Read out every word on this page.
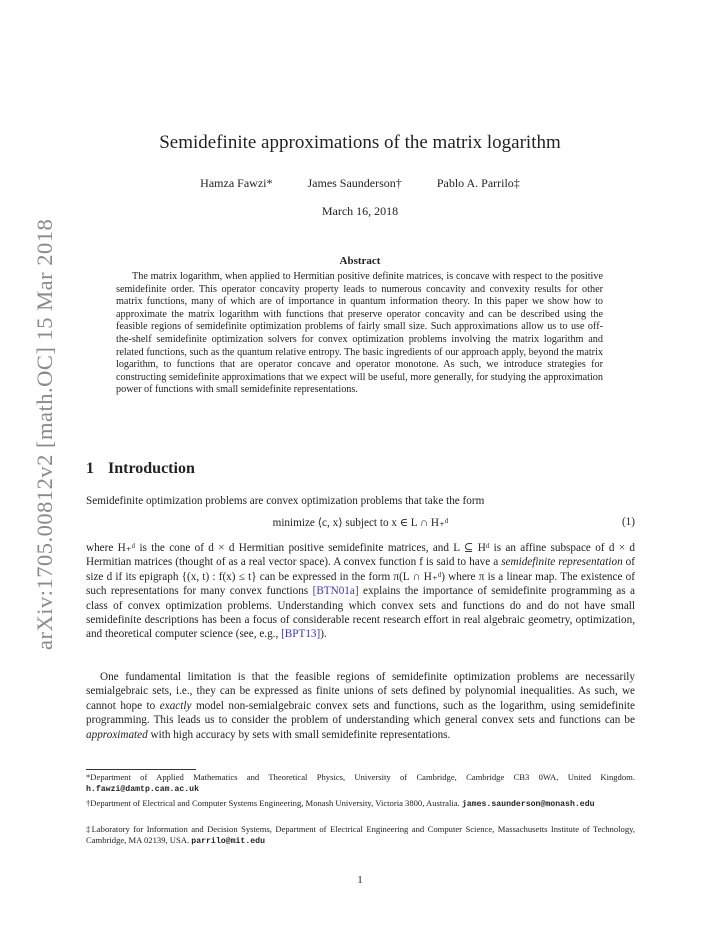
arXiv:1705.00812v2 [math.OC] 15 Mar 2018
Semidefinite approximations of the matrix logarithm
Hamza Fawzi*	James Saunderson†	Pablo A. Parrilo‡
March 16, 2018
Abstract
The matrix logarithm, when applied to Hermitian positive definite matrices, is concave with respect to the positive semidefinite order. This operator concavity property leads to numerous concavity and convexity results for other matrix functions, many of which are of importance in quantum information theory. In this paper we show how to approximate the matrix logarithm with functions that preserve operator concavity and can be described using the feasible regions of semidefinite optimization problems of fairly small size. Such approximations allow us to use off-the-shelf semidefinite optimization solvers for convex optimization problems involving the matrix logarithm and related functions, such as the quantum relative entropy. The basic ingredients of our approach apply, beyond the matrix logarithm, to functions that are operator concave and operator monotone. As such, we introduce strategies for constructing semidefinite approximations that we expect will be useful, more generally, for studying the approximation power of functions with small semidefinite representations.
1 Introduction
Semidefinite optimization problems are convex optimization problems that take the form
minimize ⟨c, x⟩ subject to x ∈ L ∩ H₊ᵈ	(1)
where H₊ᵈ is the cone of d × d Hermitian positive semidefinite matrices, and L ⊆ Hᵈ is an affine subspace of d × d Hermitian matrices (thought of as a real vector space). A convex function f is said to have a semidefinite representation of size d if its epigraph {(x, t) : f(x) ≤ t} can be expressed in the form π(L ∩ H₊ᵈ) where π is a linear map. The existence of such representations for many convex functions [BTN01a] explains the importance of semidefinite programming as a class of convex optimization problems. Understanding which convex sets and functions do and do not have small semidefinite descriptions has been a focus of considerable recent research effort in real algebraic geometry, optimization, and theoretical computer science (see, e.g., [BPT13]).
One fundamental limitation is that the feasible regions of semidefinite optimization problems are necessarily semialgebraic sets, i.e., they can be expressed as finite unions of sets defined by polynomial inequalities. As such, we cannot hope to exactly model non-semialgebraic convex sets and functions, such as the logarithm, using semidefinite programming. This leads us to consider the problem of understanding which general convex sets and functions can be approximated with high accuracy by sets with small semidefinite representations.
*Department of Applied Mathematics and Theoretical Physics, University of Cambridge, Cambridge CB3 0WA, United Kingdom. h.fawzi@damtp.cam.ac.uk
†Department of Electrical and Computer Systems Engineering, Monash University, Victoria 3800, Australia. james.saunderson@monash.edu
‡Laboratory for Information and Decision Systems, Department of Electrical Engineering and Computer Science, Massachusetts Institute of Technology, Cambridge, MA 02139, USA. parrilo@mit.edu
1
